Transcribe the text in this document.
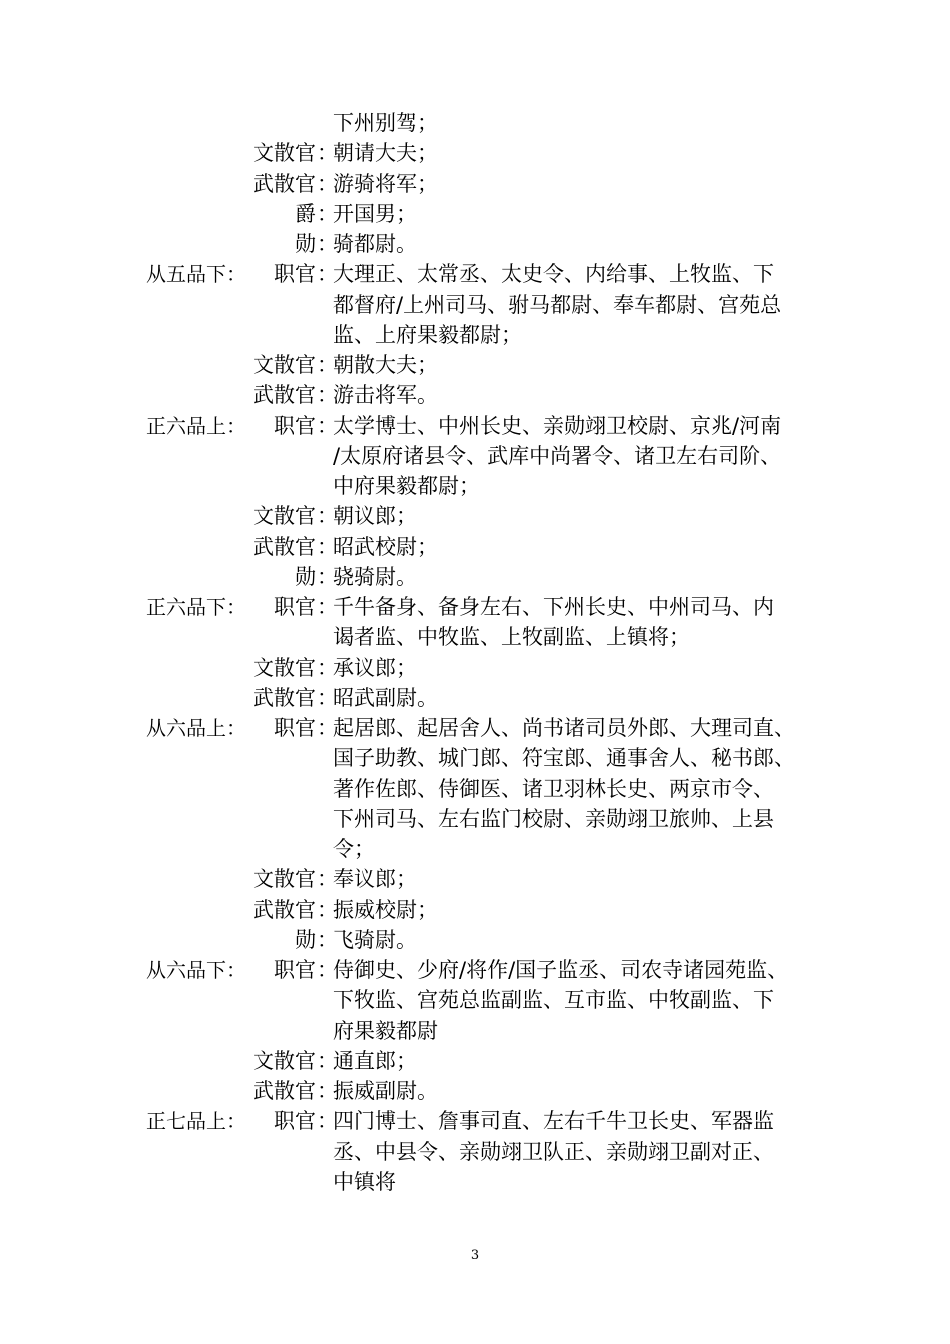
下州别驾；
文散官 ：
朝请大夫；
武散官 ：
游骑将军；
爵 ：
开国男；
勋 ：
骑都尉。
从五品下：	职官 ：
大理正、太常丞、太史令、内给事、上牧监、下
都督府/上州司马、驸马都尉、奉车都尉、宫苑总
监、上府果毅都尉；
文散官 ：
朝散大夫；
武散官 ：
游击将军。
正六品上：	职官 ：
太学博士、中州长史、亲勋翊卫校尉、京兆/河南
/太原府诸县令、武库中尚署令、诸卫左右司阶、
中府果毅都尉；
文散官 ：
朝议郎；
武散官 ：
昭武校尉；
勋 ：
骁骑尉。
正六品下：	职官 ：
千牛备身、备身左右、下州长史、中州司马、内
谒者监、中牧监、上牧副监、上镇将；
文散官 ：
承议郎；
武散官 ：
昭武副尉。
从六品上：	职官 ：
起居郎、起居舍人、尚书诸司员外郎、大理司直、
国子助教、城门郎、符宝郎、通事舍人、秘书郎、
著作佐郎、侍御医、诸卫羽林长史、两京市令、
下州司马、左右监门校尉、亲勋翊卫旅帅、上县
令；
文散官 ：
奉议郎；
武散官 ：
振威校尉；
勋 ：
飞骑尉。
从六品下：	职官 ：
侍御史、少府/将作/国子监丞、司农寺诸园苑监、
下牧监、宫苑总监副监、互市监、中牧副监、下
府果毅都尉
文散官 ：
通直郎；
武散官 ：
振威副尉。
正七品上：	职官 ：
四门博士、詹事司直、左右千牛卫长史、军器监
丞、中县令、亲勋翊卫队正、亲勋翊卫副对正、
中镇将
3
